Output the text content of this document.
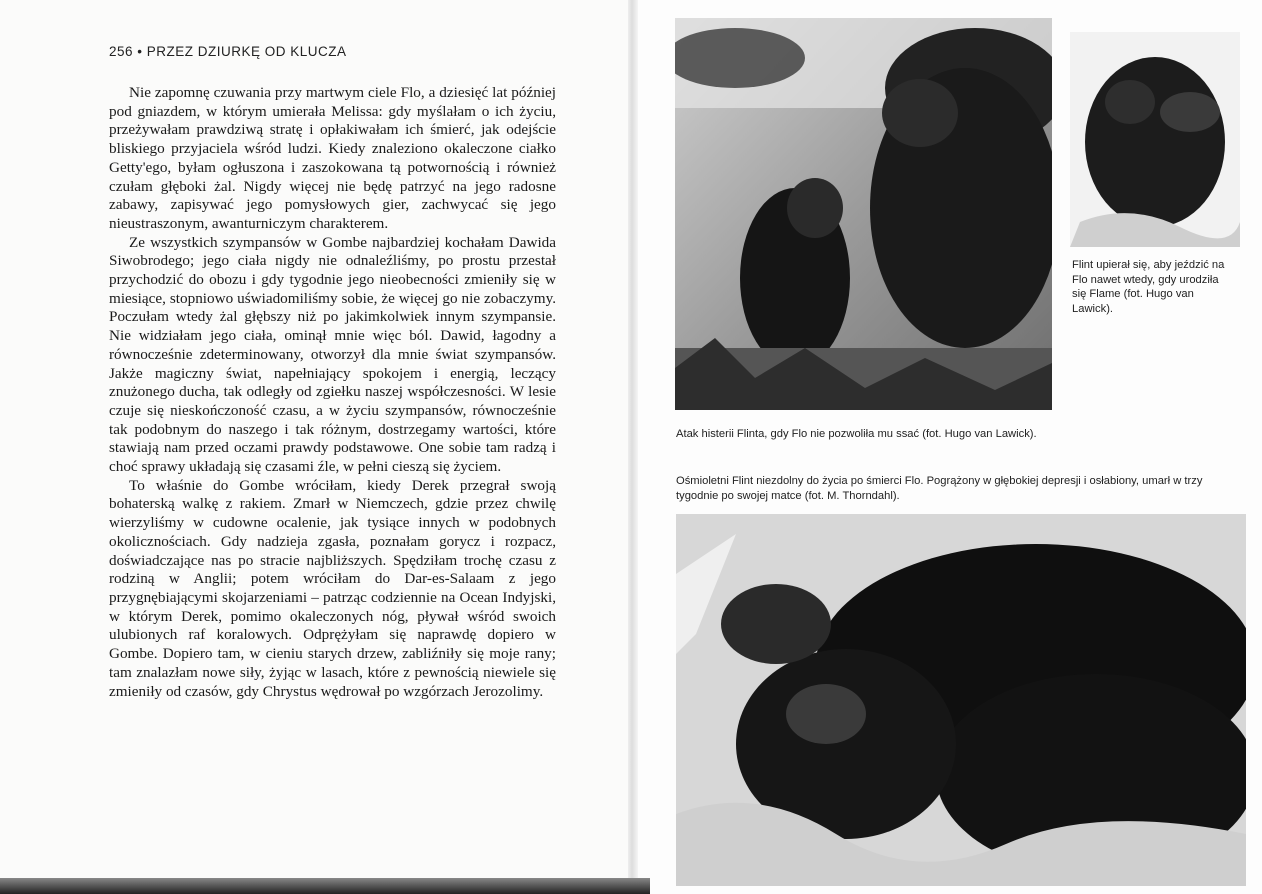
256 • PRZEZ DZIURKĘ OD KLUCZA

Nie zapomnę czuwania przy martwym ciele Flo, a dziesięć lat później pod gniazdem, w którym umierała Melissa: gdy myślałam o ich życiu, przeżywałam prawdziwą stratę i opłakiwałam ich śmierć, jak odejście bliskiego przyjaciela wśród ludzi. Kiedy znaleziono okaleczone ciałko Getty'ego, byłam ogłuszona i zaszokowana tą potwornością i również czułam głęboki żal. Nigdy więcej nie będę patrzyć na jego radosne zabawy, zapisywać jego pomysłowych gier, zachwycać się jego nieustraszonym, awanturniczym charakterem.

Ze wszystkich szympansów w Gombe najbardziej kochałam Dawida Siwobrodego; jego ciała nigdy nie odnaleźliśmy, po prostu przestał przychodzić do obozu i gdy tygodnie jego nieobecności zmieniły się w miesiące, stopniowo uświadomiliśmy sobie, że więcej go nie zobaczymy. Poczułam wtedy żal głębszy niż po jakimkolwiek innym szympansie. Nie widziałam jego ciała, ominął mnie więc ból. Dawid, łagodny a równocześnie zdeterminowany, otworzył dla mnie świat szympansów. Jakże magiczny świat, napełniający spokojem i energią, leczący znużonego ducha, tak odległy od zgiełku naszej współczesności. W lesie czuje się nieskończoność czasu, a w życiu szympansów, równocześnie tak podobnym do naszego i tak różnym, dostrzegamy wartości, które stawiają nam przed oczami prawdy podstawowe. One sobie tam radzą i choć sprawy układają się czasami źle, w pełni cieszą się życiem.

To właśnie do Gombe wróciłam, kiedy Derek przegrał swoją bohaterską walkę z rakiem. Zmarł w Niemczech, gdzie przez chwilę wierzyliśmy w cudowne ocalenie, jak tysiące innych w podobnych okolicznościach. Gdy nadzieja zgasła, poznałam gorycz i rozpacz, doświadczające nas po stracie najbliższych. Spędziłam trochę czasu z rodziną w Anglii; potem wróciłam do Dar-es-Salaam z jego przygnębiającymi skojarzeniami – patrząc codziennie na Ocean Indyjski, w którym Derek, pomimo okaleczonych nóg, pływał wśród swoich ulubionych raf koralowych. Odprężyłam się naprawdę dopiero w Gombe. Dopiero tam, w cieniu starych drzew, zabliźniły się moje rany; tam znalazłam nowe siły, żyjąc w lasach, które z pewnością niewiele się zmieniły od czasów, gdy Chrystus wędrował po wzgórzach Jerozolimy.

Flint upierał się, aby jeździć na Flo nawet wtedy, gdy urodziła się Flame (fot. Hugo van Lawick).
Atak histerii Flinta, gdy Flo nie pozwoliła mu ssać (fot. Hugo van Lawick).
Ośmioletni Flint niezdolny do życia po śmierci Flo. Pogrążony w głębokiej depresji i osłabiony, umarł w trzy tygodnie po swojej matce (fot. M. Thorndahl).
